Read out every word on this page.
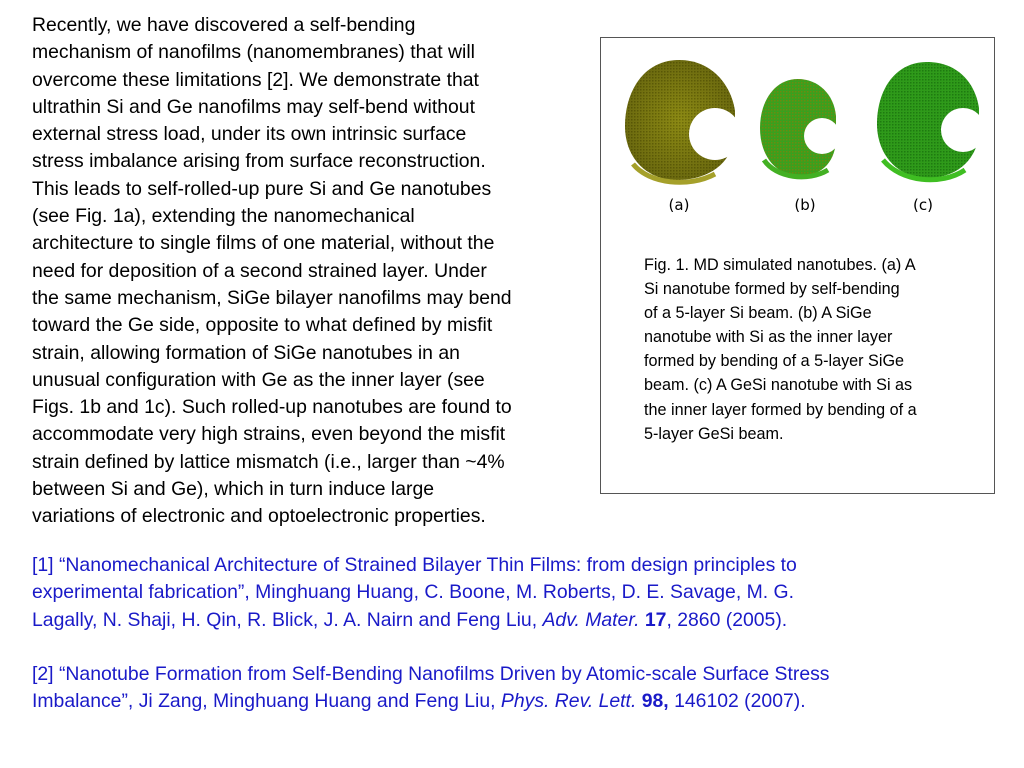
Recently, we have discovered a self-bending
mechanism of nanofilms (nanomembranes) that will
overcome these limitations [2]. We demonstrate that
ultrathin Si and Ge nanofilms may self-bend without
external stress load, under its own intrinsic surface
stress imbalance arising from surface reconstruction.
This leads to self-rolled-up pure Si and Ge nanotubes
(see Fig. 1a), extending the nanomechanical
architecture to single films of one material, without the
need for deposition of a second strained layer. Under
the same mechanism, SiGe bilayer nanofilms may bend
toward the Ge side, opposite to what defined by misfit
strain, allowing formation of SiGe nanotubes in an
unusual configuration with Ge as the inner layer (see
Figs. 1b and 1c). Such rolled-up nanotubes are found to
accommodate very high strains, even beyond the misfit
strain defined by lattice mismatch (i.e., larger than ~4%
between Si and Ge), which in turn induce large
variations of electronic and optoelectronic properties.
(a)	(b)	(c)
Fig. 1. MD simulated nanotubes. (a) A
Si nanotube formed by self-bending
of a 5-layer Si beam. (b) A SiGe
nanotube with Si as the inner layer
formed by bending of a 5-layer SiGe
beam. (c) A GeSi nanotube with Si as
the inner layer formed by bending of a
5-layer GeSi beam.
[1] “Nanomechanical Architecture of Strained Bilayer Thin Films: from design principles to
experimental fabrication”, Minghuang Huang, C. Boone, M. Roberts, D. E. Savage, M. G.
Lagally, N. Shaji, H. Qin, R. Blick, J. A. Nairn and Feng Liu, Adv. Mater. 17, 2860 (2005).
[2] “Nanotube Formation from Self-Bending Nanofilms Driven by Atomic-scale Surface Stress
Imbalance”, Ji Zang, Minghuang Huang and Feng Liu, Phys. Rev. Lett. 98, 146102 (2007).
